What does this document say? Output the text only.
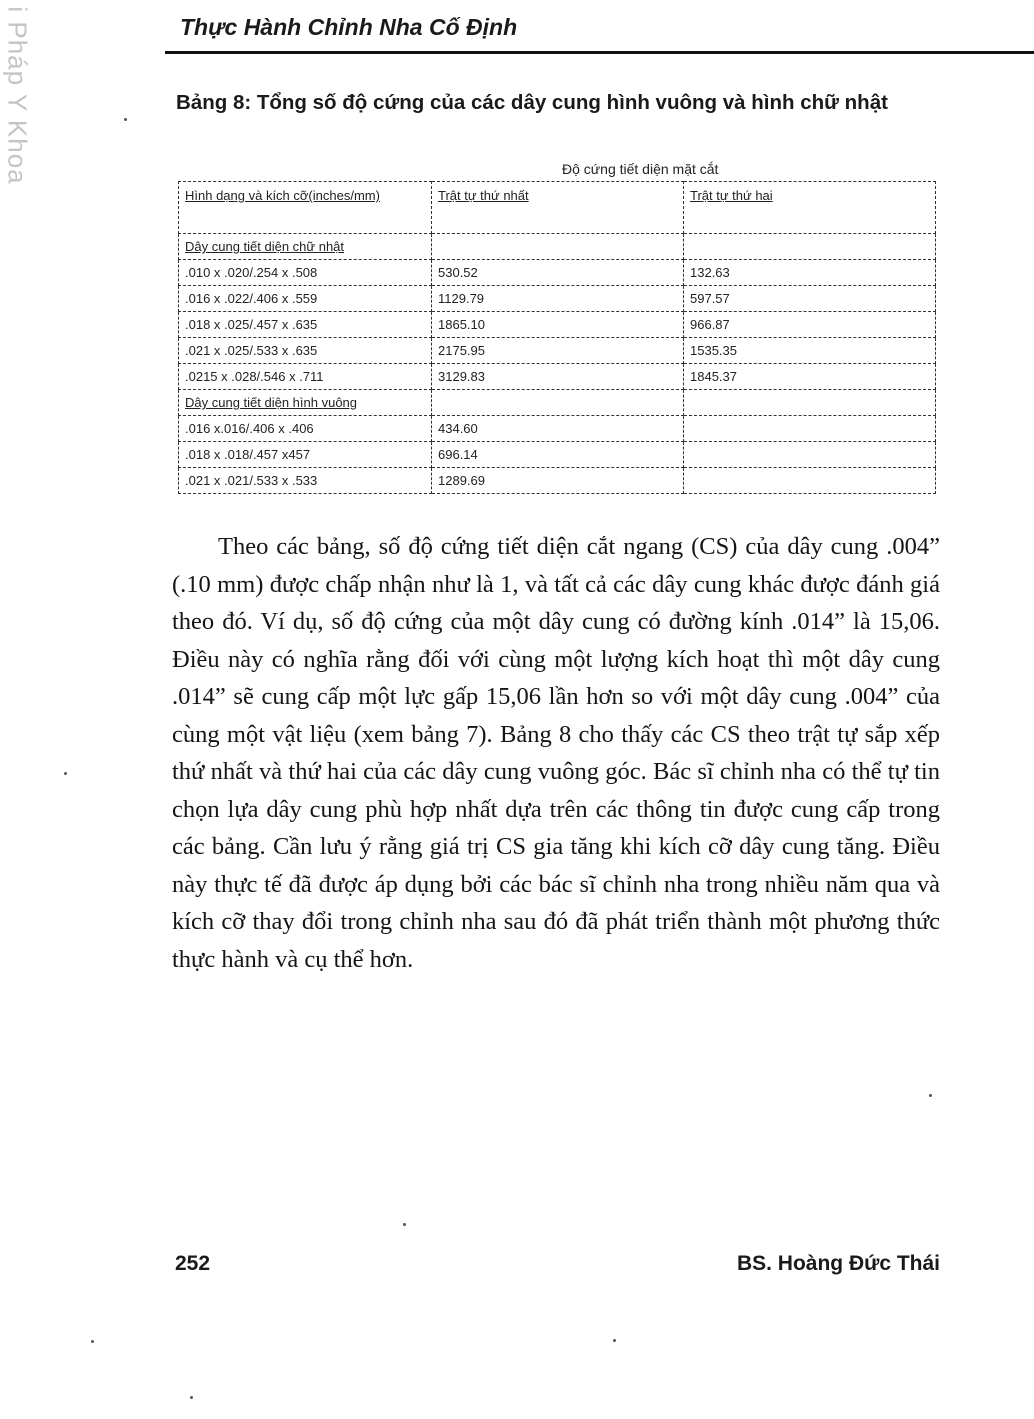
i Pháp Y Khoa	Thực Hành Chỉnh Nha Cố Định
Bảng 8: Tổng số độ cứng của các dây cung hình vuông và hình chữ nhật
Độ cứng tiết diện mặt cắt
Hình dạng và kích cỡ(inches/mm)	Trật tự thứ nhất	Trật tự thứ hai
Dây cung tiết diện chữ nhật		
.010 x .020/.254 x .508	530.52	132.63
.016 x .022/.406 x .559	1129.79	597.57
.018 x .025/.457 x .635	1865.10	966.87
.021 x .025/.533 x .635	2175.95	1535.35
.0215 x .028/.546 x .711	3129.83	1845.37
Dây cung tiết diện hình vuông		
.016 x.016/.406 x .406	434.60	
.018 x .018/.457 x457	696.14	
.021 x .021/.533 x .533	1289.69	

Theo các bảng, số độ cứng tiết diện cắt ngang (CS) của dây cung .004” (.10 mm) được chấp nhận như là 1, và tất cả các dây cung khác được đánh giá theo đó. Ví dụ, số độ cứng của một dây cung có đường kính .014” là 15,06. Điều này có nghĩa rằng đối với cùng một lượng kích hoạt thì một dây cung .014” sẽ cung cấp một lực gấp 15,06 lần hơn so với một dây cung .004” của cùng một vật liệu (xem bảng 7). Bảng 8 cho thấy các CS theo trật tự sắp xếp thứ nhất và thứ hai của các dây cung vuông góc. Bác sĩ chỉnh nha có thể tự tin chọn lựa dây cung phù hợp nhất dựa trên các thông tin được cung cấp trong các bảng. Cần lưu ý rằng giá trị CS gia tăng khi kích cỡ dây cung tăng. Điều này thực tế đã được áp dụng bởi các bác sĩ chỉnh nha trong nhiều năm qua và kích cỡ thay đổi trong chỉnh nha sau đó đã phát triển thành một phương thức thực hành và cụ thể hơn.

252	BS. Hoàng Đức Thái
